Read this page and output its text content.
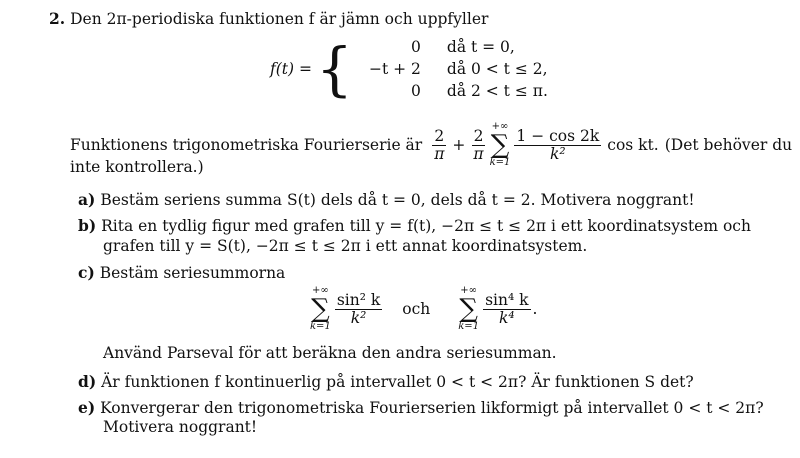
2. Den 2π-periodiska funktionen f är jämn och uppfyller
f(t) = {	0
−t + 2
0
då t = 0,
då 0 < t ≤ 2,
då 2 < t ≤ π.
Funktionens trigonometriska Fourierserie är $\frac{2}{\pi} + \frac{2}{\pi}$
+∞
∑
k=1
$\frac{1 - \cos 2k}{\text{k²}}$ cos kt. (Det behöver du
inte kontrollera.)
a) Bestäm seriens summa S(t) dels då t = 0, dels då t = 2. Motivera noggrant!
b) Rita en tydlig figur med grafen till y = f(t), −2π ≤ t ≤ 2π i ett koordinatsystem och
grafen till y = S(t), −2π ≤ t ≤ 2π i ett annat koordinatsystem.
c) Bestäm seriesummorna
+∞
∑
k=1
$\frac{\text{sin² k}}{\text{k²}}$ och
+∞
∑
k=1
$\frac{\text{sin⁴ k}}{\text{k⁴}}$ .
Använd Parseval för att beräkna den andra seriesumman.
d) Är funktionen f kontinuerlig på intervallet 0 < t < 2π? Är funktionen S det?
e) Konvergerar den trigonometriska Fourierserien likformigt på intervallet 0 < t < 2π?
Motivera noggrant!
